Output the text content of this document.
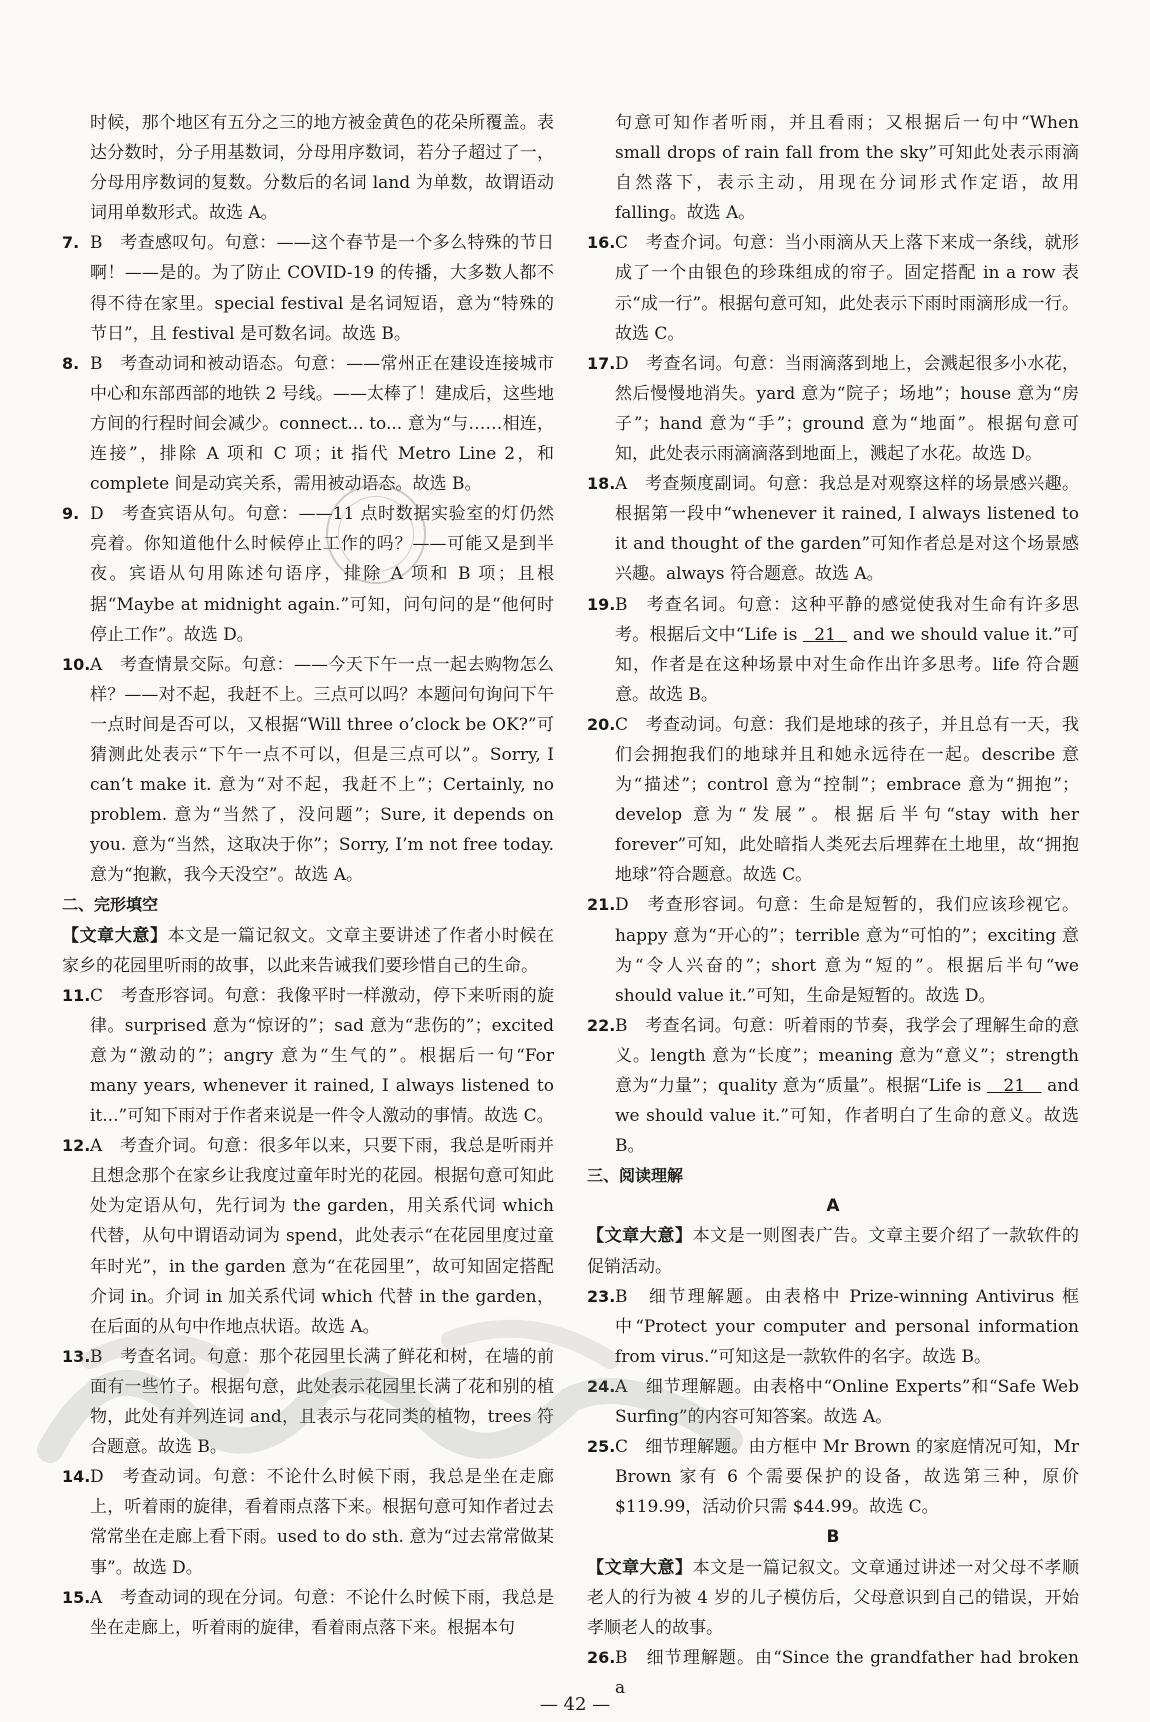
时候，那个地区有五分之三的地方被金黄色的花朵所覆盖。表达分数时，分子用基数词，分母用序数词，若分子超过了一，分母用序数词的复数。分数后的名词 land 为单数，故谓语动词用单数形式。故选 A。

7. B　考查感叹句。句意：——这个春节是一个多么特殊的节日啊！——是的。为了防止 COVID-19 的传播，大多数人都不得不待在家里。special festival 是名词短语，意为“特殊的节日”，且 festival 是可数名词。故选 B。

8. B　考查动词和被动语态。句意：——常州正在建设连接城市中心和东部西部的地铁 2 号线。——太棒了！建成后，这些地方间的行程时间会减少。connect... to... 意为“与……相连，连接”，排除 A 项和 C 项；it 指代 Metro Line 2，和 complete 间是动宾关系，需用被动语态。故选 B。

9. D　考查宾语从句。句意：——11 点时数据实验室的灯仍然亮着。你知道他什么时候停止工作的吗？——可能又是到半夜。宾语从句用陈述句语序，排除 A 项和 B 项；且根据“Maybe at midnight again.”可知，问句问的是“他何时停止工作”。故选 D。

10. A　考查情景交际。句意：——今天下午一点一起去购物怎么样？——对不起，我赶不上。三点可以吗？本题问句询问下午一点时间是否可以，又根据“Will three o’clock be OK?”可猜测此处表示“下午一点不可以，但是三点可以”。Sorry, I can’t make it. 意为“对不起，我赶不上”；Certainly, no problem. 意为“当然了，没问题”；Sure, it depends on you. 意为“当然，这取决于你”；Sorry, I’m not free today. 意为“抱歉，我今天没空”。故选 A。

二、完形填空

【文章大意】本文是一篇记叙文。文章主要讲述了作者小时候在家乡的花园里听雨的故事，以此来告诫我们要珍惜自己的生命。

11. C　考查形容词。句意：我像平时一样激动，停下来听雨的旋律。surprised 意为“惊讶的”；sad 意为“悲伤的”；excited 意为“激动的”；angry 意为“生气的”。根据后一句“For many years, whenever it rained, I always listened to it...”可知下雨对于作者来说是一件令人激动的事情。故选 C。

12. A　考查介词。句意：很多年以来，只要下雨，我总是听雨并且想念那个在家乡让我度过童年时光的花园。根据句意可知此处为定语从句，先行词为 the garden，用关系代词 which 代替，从句中谓语动词为 spend，此处表示“在花园里度过童年时光”，in the garden 意为“在花园里”，故可知固定搭配介词 in。介词 in 加关系代词 which 代替 in the garden，在后面的从句中作地点状语。故选 A。

13. B　考查名词。句意：那个花园里长满了鲜花和树，在墙的前面有一些竹子。根据句意，此处表示花园里长满了花和别的植物，此处有并列连词 and，且表示与花同类的植物，trees 符合题意。故选 B。

14. D　考查动词。句意：不论什么时候下雨，我总是坐在走廊上，听着雨的旋律，看着雨点落下来。根据句意可知作者过去常常坐在走廊上看下雨。used to do sth. 意为“过去常常做某事”。故选 D。

15. A　考查动词的现在分词。句意：不论什么时候下雨，我总是坐在走廊上，听着雨的旋律，看着雨点落下来。根据本句

句意可知作者听雨，并且看雨；又根据后一句中“When small drops of rain fall from the sky”可知此处表示雨滴自然落下，表示主动，用现在分词形式作定语，故用 falling。故选 A。

16. C　考查介词。句意：当小雨滴从天上落下来成一条线，就形成了一个由银色的珍珠组成的帘子。固定搭配 in a row 表示“成一行”。根据句意可知，此处表示下雨时雨滴形成一行。故选 C。

17. D　考查名词。句意：当雨滴落到地上，会溅起很多小水花，然后慢慢地消失。yard 意为“院子；场地”；house 意为“房子”；hand 意为“手”；ground 意为“地面”。根据句意可知，此处表示雨滴滴落到地面上，溅起了水花。故选 D。

18. A　考查频度副词。句意：我总是对观察这样的场景感兴趣。根据第一段中“whenever it rained, I always listened to it and thought of the garden”可知作者总是对这个场景感兴趣。always 符合题意。故选 A。

19. B　考查名词。句意：这种平静的感觉使我对生命有许多思考。根据后文中“Life is 21 and we should value it.”可知，作者是在这种场景中对生命作出许多思考。life 符合题意。故选 B。

20. C　考查动词。句意：我们是地球的孩子，并且总有一天，我们会拥抱我们的地球并且和她永远待在一起。describe 意为“描述”；control 意为“控制”；embrace 意为“拥抱”；develop 意为“发展”。根据后半句“stay with her forever”可知，此处暗指人类死去后埋葬在土地里，故“拥抱地球”符合题意。故选 C。

21. D　考查形容词。句意：生命是短暂的，我们应该珍视它。happy 意为“开心的”；terrible 意为“可怕的”；exciting 意为“令人兴奋的”；short 意为“短的”。根据后半句“we should value it.”可知，生命是短暂的。故选 D。

22. B　考查名词。句意：听着雨的节奏，我学会了理解生命的意义。length 意为“长度”；meaning 意为“意义”；strength 意为“力量”；quality 意为“质量”。根据“Life is 21 and we should value it.”可知，作者明白了生命的意义。故选 B。

三、阅读理解

A

【文章大意】本文是一则图表广告。文章主要介绍了一款软件的促销活动。

23. B　细节理解题。由表格中 Prize-winning Antivirus 框中“Protect your computer and personal information from virus.”可知这是一款软件的名字。故选 B。

24. A　细节理解题。由表格中“Online Experts”和“Safe Web Surfing”的内容可知答案。故选 A。

25. C　细节理解题。由方框中 Mr Brown 的家庭情况可知，Mr Brown 家有 6 个需要保护的设备，故选第三种，原价 $119.99，活动价只需 $44.99。故选 C。

B

【文章大意】本文是一篇记叙文。文章通过讲述一对父母不孝顺老人的行为被 4 岁的儿子模仿后，父母意识到自己的错误，开始孝顺老人的故事。

26. B　细节理解题。由“Since the grandfather had broken a

— 42 —
